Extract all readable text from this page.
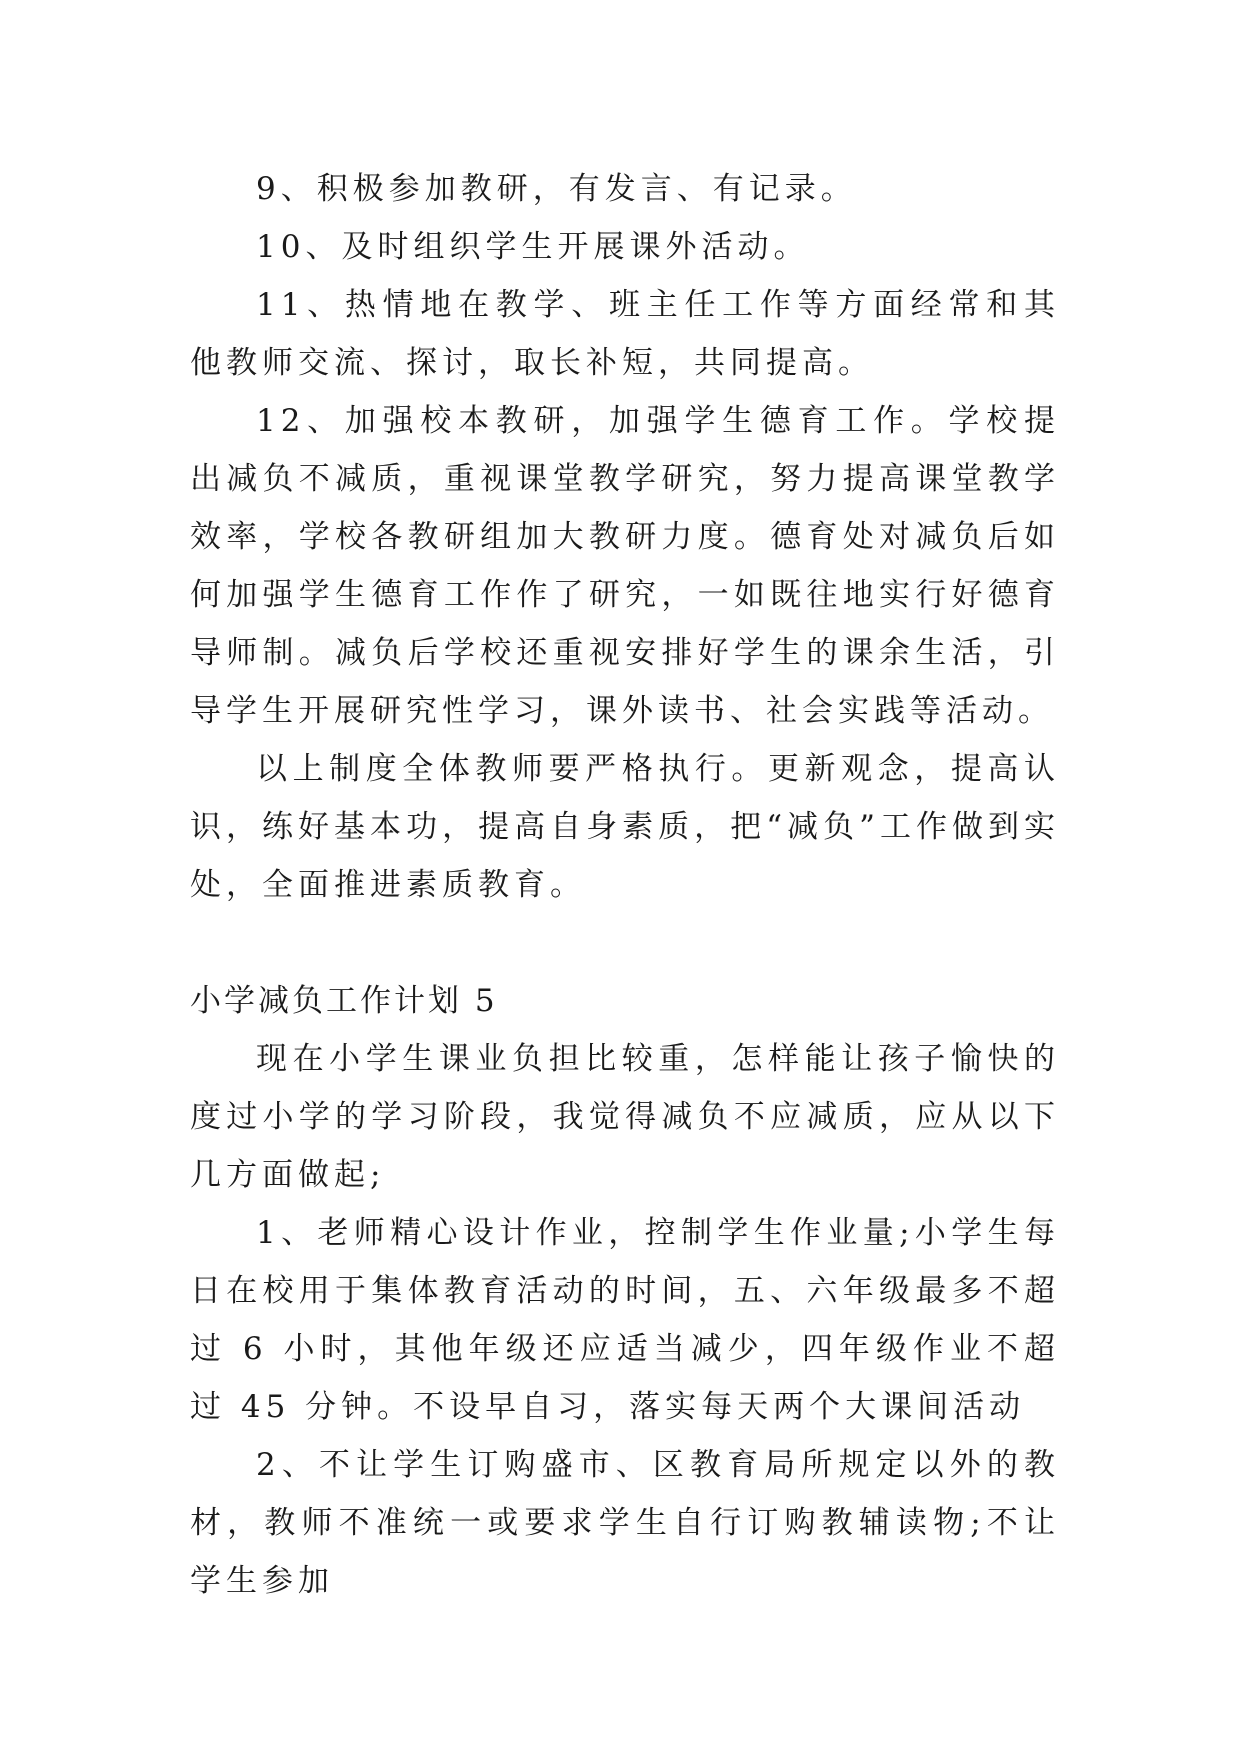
9、积极参加教研，有发言、有记录。

10、及时组织学生开展课外活动。

11、热情地在教学、班主任工作等方面经常和其他教师交流、探讨，取长补短，共同提高。

12、加强校本教研，加强学生德育工作。学校提出减负不减质，重视课堂教学研究，努力提高课堂教学效率，学校各教研组加大教研力度。德育处对减负后如何加强学生德育工作作了研究，一如既往地实行好德育导师制。减负后学校还重视安排好学生的课余生活，引导学生开展研究性学习，课外读书、社会实践等活动。

以上制度全体教师要严格执行。更新观念，提高认识，练好基本功，提高自身素质，把“减负”工作做到实处，全面推进素质教育。

小学减负工作计划 5

现在小学生课业负担比较重，怎样能让孩子愉快的度过小学的学习阶段，我觉得减负不应减质，应从以下几方面做起;

1、老师精心设计作业，控制学生作业量;小学生每日在校用于集体教育活动的时间，五、六年级最多不超过 6 小时，其他年级还应适当减少，四年级作业不超过 45 分钟。不设早自习，落实每天两个大课间活动

2、不让学生订购盛市、区教育局所规定以外的教材，教师不准统一或要求学生自行订购教辅读物;不让学生参加
